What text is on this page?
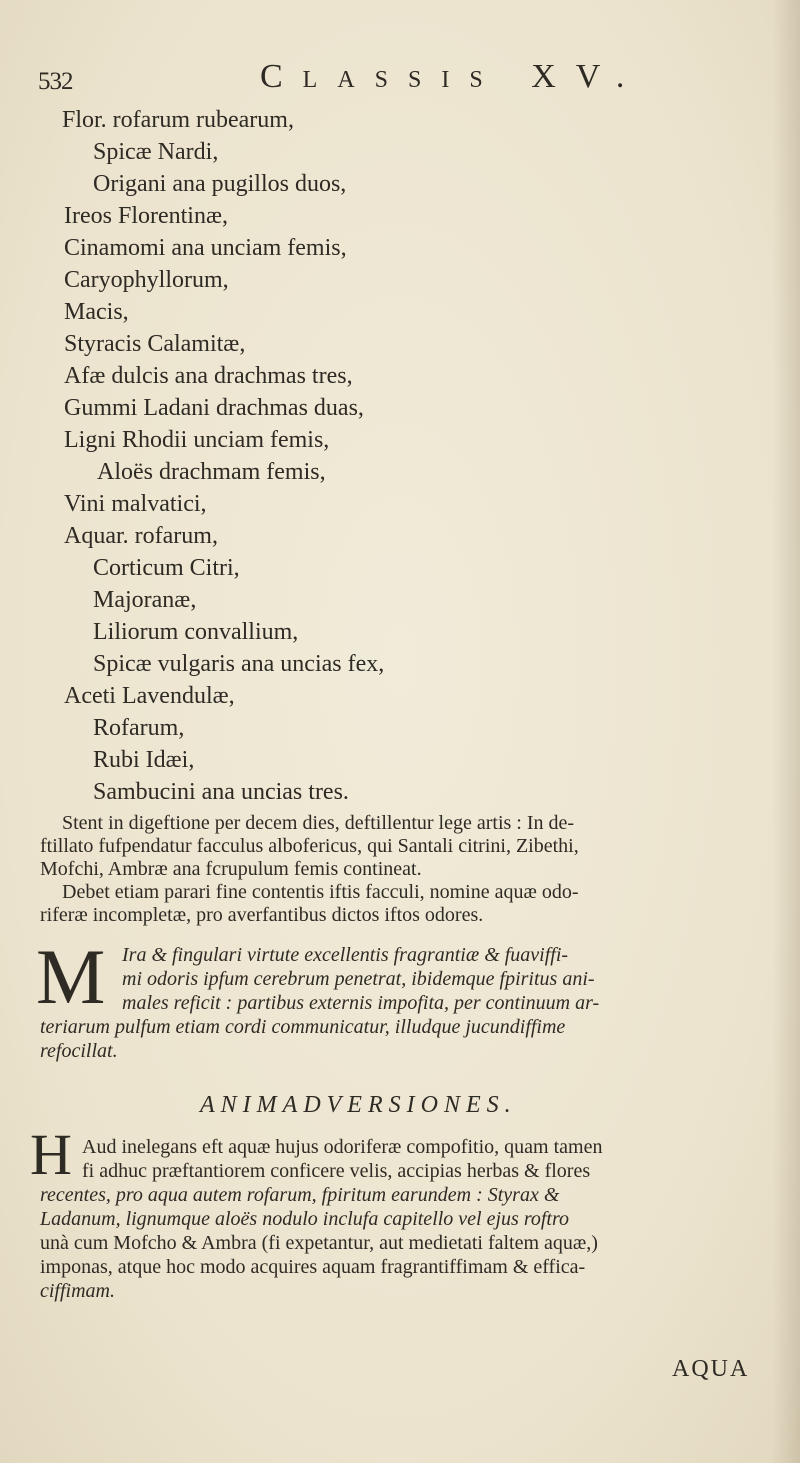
532	Classis XV.
Flor. rofarum rubearum,
Spicæ Nardi,
Origani ana pugillos duos,
Ireos Florentinæ,
Cinamomi ana unciam femis,
Caryophyllorum,
Macis,
Styracis Calamitæ,
Afæ dulcis ana drachmas tres,
Gummi Ladani drachmas duas,
Ligni Rhodii unciam femis,
Aloës drachmam femis,
Vini malvatici,
Aquar. rofarum,
Corticum Citri,
Majoranæ,
Liliorum convallium,
Spicæ vulgaris ana uncias fex,
Aceti Lavendulæ,
Rofarum,
Rubi Idæi,
Sambucini ana uncias tres.
Stent in digeftione per decem dies, deftillentur lege artis : In de-
ftillato fufpendatur facculus albofericus, qui Santali citrini, Zibethi,
Mofchi, Ambræ ana fcrupulum femis contineat.
Debet etiam parari fine contentis iftis facculi, nomine aquæ odo-
riferæ incompletæ, pro averfantibus dictos iftos odores.
M Ira & fingulari virtute excellentis fragrantiæ & fuaviffi-
mi odoris ipfum cerebrum penetrat, ibidemque fpiritus ani-
males reficit : partibus externis impofita, per continuum ar-
teriarum pulfum etiam cordi communicatur, illudque jucundiffime
refocillat.
ANIMADVERSIONES.
H Aud inelegans eft aquæ hujus odoriferæ compofitio, quam tamen
fi adhuc præftantiorem conficere velis, accipias herbas & flores
recentes, pro aqua autem rofarum, fpiritum earundem : Styrax &
Ladanum, lignumque aloës nodulo inclufa capitello vel ejus roftro
unà cum Mofcho & Ambra (fi expetantur, aut medietati faltem aquæ,)
imponas, atque hoc modo acquires aquam fragrantiffimam & effica-
ciffimam.
AQUA
